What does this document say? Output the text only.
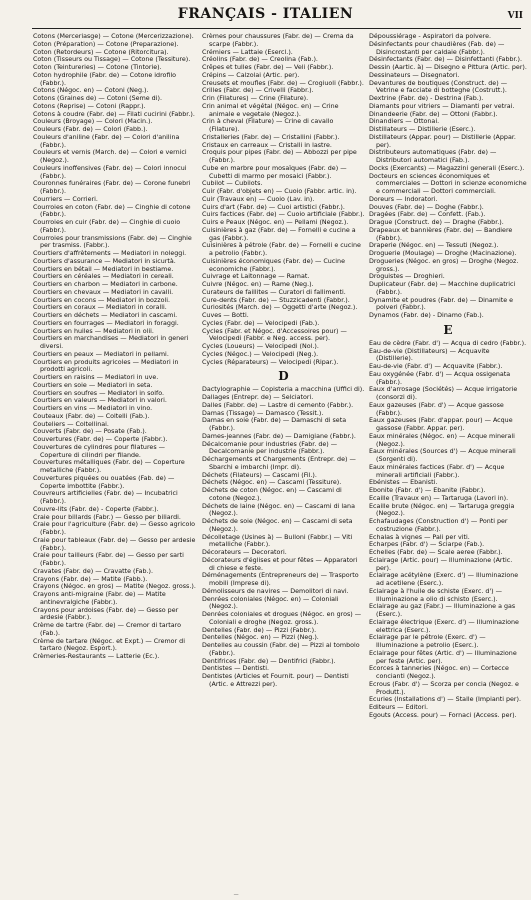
FRANÇAIS - ITALIEN	VII
Cotons (Merceriasge) — Cotone (Mercerizzazione).
Coton (Préparation) — Cotone (Preparazione).
Coton (Retordeurs) — Cotone (Ritorcitura).
Coton (Tisseurs ou Tissage) — Cotone (Tessiture).
Coton (Teintureries) — Cotone (Tintorie).
Coton hydrophile (Fabr. de) — Cotone idrofilo (Fabbr.).
Cotons (Négoc. en) — Cotoni (Neg.).
Cotons (Graines de) — Cotoni (Seme di).
Cotons (Reprise) — Cotoni (Rappr.).
Cotons à coudre (Fabr. de) — Filati cucirini (Fabbr.).
Couleurs (Broyage) — Colori (Macin.).
Couleurs (Fabr. de) — Colori (Fabb.).
Couleurs d'aniline (Fabr. de) — Colori d'anilina (Fabbr.).
Couleurs et vernis (March. de) — Colori e vernici (Negoz.).
Couleurs inoffensives (Fabr. de) — Colori innocui (Fabbr.).
Couronnes funéraires (Fabr. de) — Corone funebri (Fabbr.).
Courriers — Corrieri.
Courroies en coton (Fabr. de) — Cinghie di cotone (Fabbr.).
Courroies en cuir (Fabr. de) — Cinghie di cuoio (Fabbr.).
Courroies pour transmissions (Fabr. de) — Cinghie per trasmiss. (Fabbr.).
Courtiers d'affrètements — Mediatori in noleggi.
Courtiers d'assurance — Mediatori in sicurtà.
Courtiers en bétail — Mediatori in bestiame.
Courtiers en céréales — Mediatori in cereali.
Courtiers en charbon — Mediatori in carbone.
Courtiers en chevaux — Mediatori in cavalli.
Courtiers en cocons — Mediatori in bozzoli.
Courtiers en coraux — Mediatori in coralli.
Courtiers en déchets — Mediatori in cascami.
Courtiers en fourrages — Mediatori in foraggi.
Courtiers en huiles — Mediatori in olii.
Courtiers en marchandises — Mediatori in generi diversi.
Courtiers en peaux — Mediatori in pellami.
Courtiers en produits agricoles — Mediatori in prodotti agricoli.
Courtiers en raisins — Mediatori in uve.
Courtiers en soie — Mediatori in seta.
Courtiers en soufres — Mediatori in solfo.
Courtiers en valeurs — Mediatori in valori.
Courtiers en vins — Mediatori in vino.
Couteaux (Fabr. de) — Coltelli (Fab.).
Couteliers — Coltellinai.
Couverts (Fabr. de) — Posate (Fab.).
Couvertures (Fabr. de) — Coperte (Fabbr.).
Couvertures de cylindres pour filatures — Coperture di cilindri per filande.
Couvertures métalliques (Fabr. de) — Coperture metalliche (Fabbr.).
Couvertures piquées ou ouatées (Fab. de) — Coperte imbottite (Fabbr.).
Couvreurs artificielles (Fabr. de) — Incubatrici (Fabbr.).
Couvre-lits (Fabr. de) - Coperte (Fabbr.).
Craie pour billards (Fabr.) — Gesso per biliardi.
Craie pour l'agriculture (Fabr. de) — Gesso agricolo (Fabbr.).
Craie pour tableaux (Fabr. de) — Gesso per ardesie (Fabbr.).
Craie pour tailleurs (Fabr. de) — Gesso per sarti (Fabbr.).
Cravates (Fabr. de) — Cravatte (Fab.).
Crayons (Fabr. de) — Matite (Fabb.).
Crayons (Négoc. en gros) — Matite (Negoz. gross.).
Crayons anti-migraine (Fabr. de) — Matite antinevralgiche (Fabbr.).
Crayons pour ardoises (Fabr. de) — Gesso per ardesie (Fabbr.).
Crème de tartre (Fabr. de) — Cremor di tartaro (Fab.).
Crème de tartare (Négoc. et Expt.) — Cremor di tartaro (Negoz. Esport.).
Crèmeries-Restaurants — Latterie (Ec.).
Crèmes pour chaussures (Fabr. de) — Crema da scarpe (Fabbr.).
Crémiers — Lattaie (Esercl.).
Créolins (Fabr. de) — Creolina (Fab.).
Crêpes et tulles (Fabr. de) — Veli (Fabbr.).
Crépins — Calzolai (Artic. per).
Creusets et moufles (Fabr. de) — Crogiuoli (Fabbr.).
Crilles (Fabr. de) — Crivelli (Fabbr.).
Crin (Filatures) — Crine (Filature).
Crin animal et végétal (Négoc. en) — Crine animale e vegetale (Negoz.).
Crin à cheval (Filature) — Crine di cavallo (Filature).
Cristalleries (Fabr. de) — Cristallini (Fabbr.).
Cristaux en carreaux — Cristalli in lastre.
Croquis pour pipes (Fabr. de) — Abbozzi per pipe (Fabbr.).
Cube en marbre pour mosaïques (Fabr. de) — Cubetti di marmo per mosaici (Fabbr.).
Cubilot — Cubilots.
Cuir (Fabr. d'objets en) — Cuoio (Fabbr. artic. in).
Cuir (Travaux en) — Cuoio (Lav. in).
Cuirs d'art (Fabr. de) — Cuoi artistici (Fabbr.).
Cuirs factices (Fabr. de) — Cuoio artificiale (Fabbr.).
Cuirs e Peaux (Négoc. en) — Pellami (Negoz.).
Cuisinières à gaz (Fabr. de) — Fornelli e cucine a gas (Fabbr.).
Cuisinières à pétrole (Fabr. de) — Fornelli e cucine a petrolio (Fabbr.).
Cuisinières économiques (Fabr. de) — Cucine economiche (Fabbr.).
Cuivrage et Laitonnage — Ramat.
Cuivre (Négoc. en) — Rame (Neg.).
Curateurs de faillites — Curatori di fallimenti.
Cure-dents (Fabr. de) — Stuzzicadenti (Fabbr.).
Curiosités (March. de) — Oggetti d'arte (Negoz.).
Cuves — Botti.
Cycles (Fabr. de) — Velocipedi (Fab.).
Cycles (Fabr. et Négoc. d'Accessoires pour) — Velocipedi (Fabbr. e Neg. access. per).
Cycles (Loueurs) — Velocipedi (Nol.).
Cycles (Négoc.) — Velocipedi (Neg.).
Cycles (Réparateurs) — Velocipedi (Ripar.).
D
Dactylographie — Copisteria a macchina (Uffici di).
Dallages (Entrepr. de) — Selciatori.
Dalles (Fabbr. de) — Lastre di cemento (Fabbr.).
Damas (Tissage) — Damasco (Tessit.).
Damas en soie (Fabr. de) — Damaschi di seta (Fabbr.).
Dames-jeannes (Fabr. de) — Damigiane (Fabbr.).
Décalcomanie pour industries (Fabr. de) — Decalcomanie per industrie (Fabbr.).
Déchargements et Chargements (Entrepr. de) — Sbarchi e imbarchi (Impr. di).
Déchets (Filateurs) — Cascami (Fil.).
Déchets (Négoc. en) — Cascami (Tessiture).
Déchets de coton (Négoc. en) — Cascami di cotone (Negoz.).
Déchets de laine (Négoc. en) — Cascami di lana (Negoz.).
Déchets de soie (Négoc. en) — Cascami di seta (Negoz.).
Décolletage (Usines à) — Bulloni (Fabbr.) — Viti metalliche (Fabbr.).
Décorateurs — Decoratori.
Décorateurs d'églises et pour fêtes — Apparatori di chiese e feste.
Déménagements (Entrepreneurs de) — Trasporto mobili (Imprese di).
Démolisseurs de navires — Demolitori di navi.
Denrées coloniales (Négoc. en) — Coloniali (Negoz.).
Denrées coloniales et drogues (Négoc. en gros) — Coloniali e droghe (Negoz. gross.).
Dentelles (Fabr. de) — Pizzi (Fabbr.).
Dentelles (Négoc. en) — Pizzi (Neg.).
Dentelles au coussin (Fabr. de) — Pizzi al tombolo (Fabbr.).
Dentifrices (Fabr. de) — Dentifrici (Fabbr.).
Dentistes — Dentisti.
Dentistes (Articles et Fournit. pour) — Dentisti (Artic. e Attrezzi per).
Dépoussiérage - Aspiratori da polvere.
Désinfectants pour chaudières (Fab. de) — Disincrostanti per caldaie (Fabbr.).
Désinfectants (Fabr. de) — Disinfettanti (Fabbr.).
Dessin (Aartic. à) — Disegno e Pittura (Artic. per).
Dessinateurs — Disegnatori.
Devantures de boutiques (Construct. de) — Vetrine e facciate di botteghe (Costrutt.).
Dextrine (Fabr. de) - Destrina (Fab.).
Diamants pour vitriers — Diamanti per vetrai.
Dinandeerie (Fabr. de) — Ottoni (Fabbr.).
Dinandiers — Ottonai.
Distillateurs — Distillerie (Eserc.).
Distillateurs (Appar. pour) — Distillerie (Appar. per).
Distributeurs automatiques (Fabr. de) — Distributori automatici (Fab.).
Docks (Exercants) — Magazzini generali (Eserc.).
Docteurs en sciences économiques et commerciales — Dottori in scienze economiche e commerciali — Dottori commerciali.
Doreurs — Indoratori.
Douves (Fabr. de) — Doghe (Fabbr.).
Dragées (Fabr. de) — Confett. (Fab.).
Drague (Construct. de) — Draghe (Fabbr.).
Drapeaux et bannières (Fabr. de) — Bandiere (Fabbr.).
Draperie (Négoc. en) — Tessuti (Negoz.).
Droguerie (Moulage) — Droghe (Macinazione).
Drogueries (Négoc. en gros) — Droghe (Negoz. gross.).
Droguistes — Droghieri.
Duplicateur (Fabr. de) — Macchine duplicatrici (Fabbr.).
Dynamite et poudres (Fabr. de) — Dinamite e polveri (Fabbr.).
Dynamos (Fabr. de) - Dinamo (Fab.).
E
Eau de cèdre (Fabr. d') — Acqua di cedro (Fabbr.).
Eau-de-vie (Distillateurs) — Acquavite (Distillerie).
Eau-de-vie (Fabr. d') — Acquavite (Fabbr.).
Eau oxygénée (Fabr. d') — Acqua ossigenata (Fabbr.).
Eaux d'arrosage (Sociétés) — Acque irrigatorie (consorzi di).
Eaux gazeuses (Fabr. d') — Acque gassose (Fabbr.).
Eaux gazeuses (Fabr. d'appar. pour) — Acque gassose (Fabbr. Appar. per).
Eaux minérales (Négoc. en) — Acque minerali (Negoz.).
Eaux minérales (Sources d') — Acque minerali (Sorgenti di).
Eaux minérales factices (Fabr. d') — Acque minerali artificiali (Fabbr.).
Ebénistes — Ebanisti.
Ebonite (Fabr. d') — Ebanite (Fabbr.).
Ecaille (Travaux en) — Tartaruga (Lavori in).
Ecaille brute (Négoc. en) — Tartaruga greggia (Negoz.).
Echafaudages (Construction d') — Ponti per costruzione (Fabbr.).
Echalas à vignes — Pali per viti.
Echarpes (Fabr. d') — Sciarpe (Fab.).
Echelles (Fabr. de) — Scale aeree (Fabbr.).
Eclairage (Artic. pour) — Illuminazione (Artic. per).
Eclairage acétylène (Exerc. d') — Illuminazione ad acetilene (Eserc.).
Eclairage à l'huile de schiste (Exerc. d') — Illuminazione a olio di schisto (Eserc.).
Eclairage au gaz (Fabr.) — Illuminazione a gas (Eserc.).
Eclairage électrique (Exerc. d') — Illuminazione elettrica (Eserc.).
Eclairage par le pétrole (Exerc. d') — Illuminazione a petrolio (Eserc.).
Eclairage pour fêtes (Artic. d') — Illuminazione per feste (Artic. per).
Ecorces à tanneries (Négoc. en) — Cortecce concianti (Negoz.).
Ecrous (Fabr. d') — Scorza per concia (Negoz. e Produtt.).
Ecuries (Installations d') — Stalle (Impianti per).
Editeurs — Editori.
Egouts (Access. pour) — Fornaci (Access. per).
—
